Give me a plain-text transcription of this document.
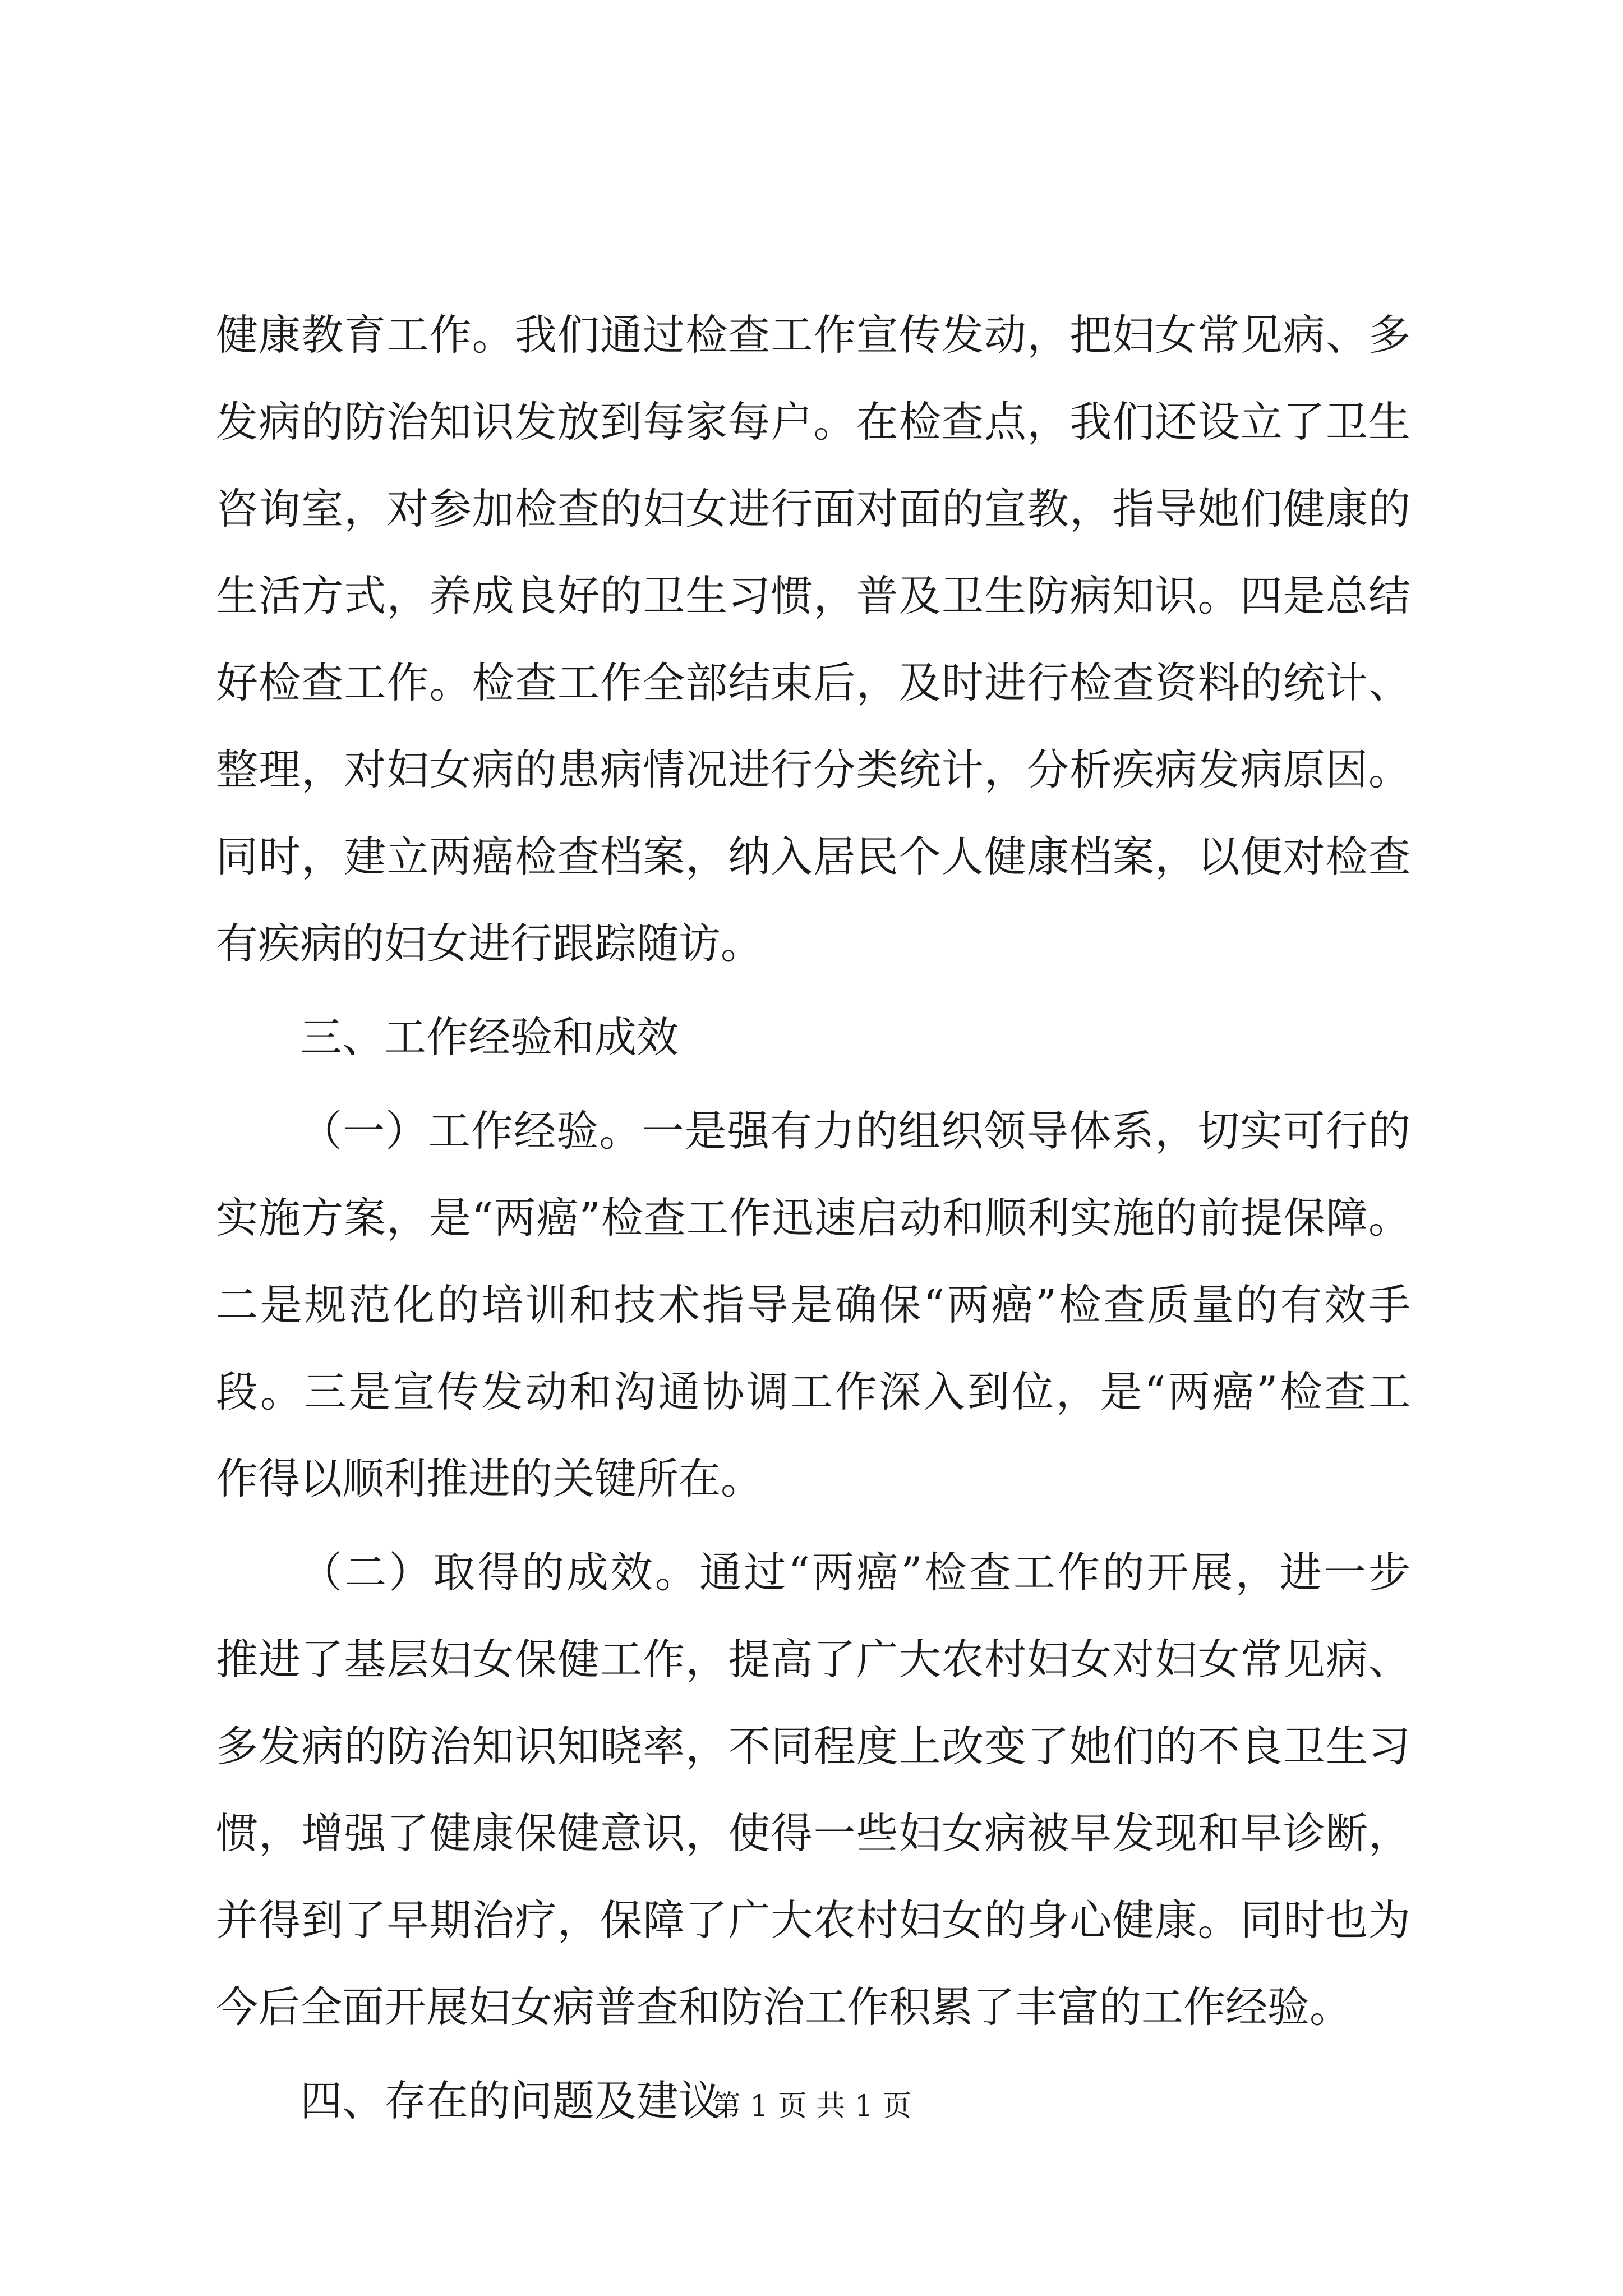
健康教育工作。我们通过检查工作宣传发动，把妇女常见病、多
发病的防治知识发放到每家每户。在检查点，我们还设立了卫生
咨询室，对参加检查的妇女进行面对面的宣教，指导她们健康的
生活方式，养成良好的卫生习惯，普及卫生防病知识。四是总结
好检查工作。检查工作全部结束后，及时进行检查资料的统计、
整理，对妇女病的患病情况进行分类统计，分析疾病发病原因。
同时，建立两癌检查档案，纳入居民个人健康档案，以便对检查
有疾病的妇女进行跟踪随访。
三、工作经验和成效
（一）工作经验。一是强有力的组织领导体系，切实可行的
实施方案，是“两癌”检查工作迅速启动和顺利实施的前提保障。
二是规范化的培训和技术指导是确保“两癌”检查质量的有效手
段。三是宣传发动和沟通协调工作深入到位，是“两癌”检查工
作得以顺利推进的关键所在。
（二）取得的成效。通过“两癌”检查工作的开展，进一步
推进了基层妇女保健工作，提高了广大农村妇女对妇女常见病、
多发病的防治知识知晓率，不同程度上改变了她们的不良卫生习
惯，增强了健康保健意识，使得一些妇女病被早发现和早诊断，
并得到了早期治疗，保障了广大农村妇女的身心健康。同时也为
今后全面开展妇女病普查和防治工作积累了丰富的工作经验。
四、存在的问题及建议
第 1 页 共 1 页
